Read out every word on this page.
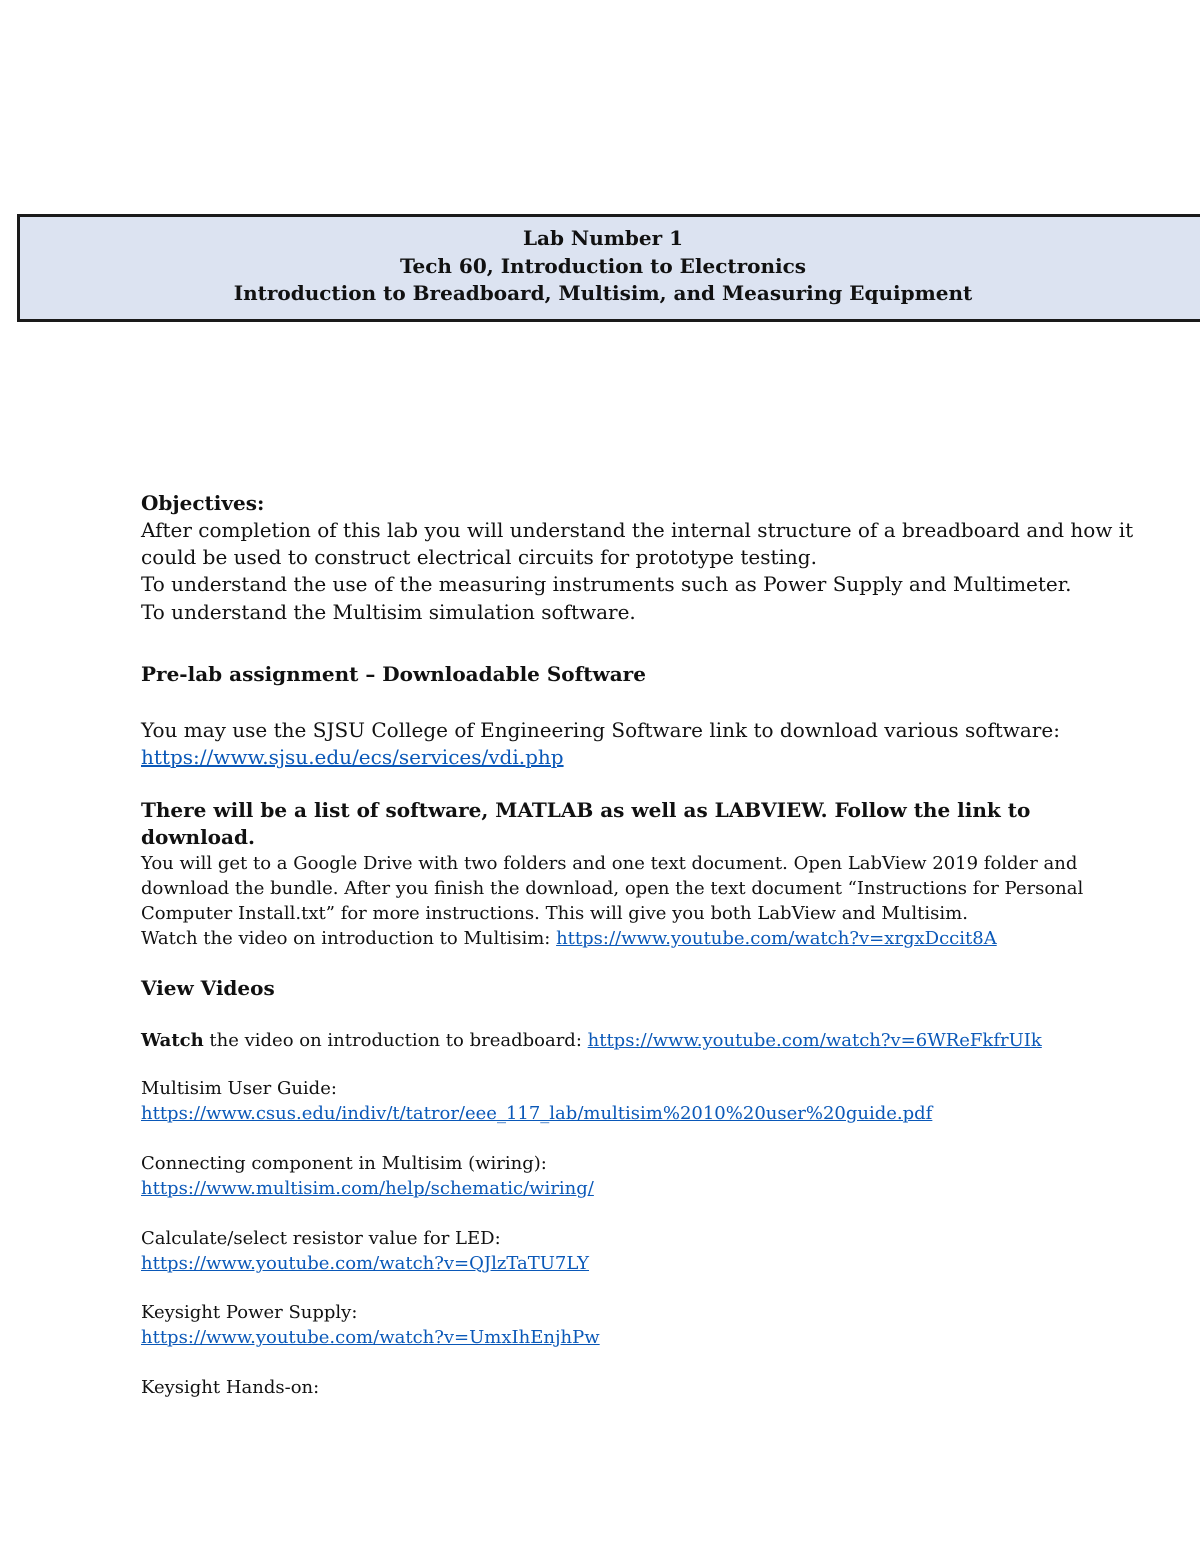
Lab Number 1
Tech 60, Introduction to Electronics
Introduction to Breadboard, Multisim, and Measuring Equipment
Objectives:
After completion of this lab you will understand the internal structure of a breadboard and how it
could be used to construct electrical circuits for prototype testing.
To understand the use of the measuring instruments such as Power Supply and Multimeter.
To understand the Multisim simulation software.
Pre-lab assignment – Downloadable Software
You may use the SJSU College of Engineering Software link to download various software:
https://www.sjsu.edu/ecs/services/vdi.php
There will be a list of software, MATLAB as well as LABVIEW. Follow the link to
download.
You will get to a Google Drive with two folders and one text document. Open LabView 2019 folder and
download the bundle. After you finish the download, open the text document “Instructions for Personal
Computer Install.txt” for more instructions. This will give you both LabView and Multisim.
Watch the video on introduction to Multisim: https://www.youtube.com/watch?v=xrgxDccit8A
View Videos
Watch the video on introduction to breadboard: https://www.youtube.com/watch?v=6WReFkfrUIk
Multisim User Guide:
https://www.csus.edu/indiv/t/tatror/eee_117_lab/multisim%2010%20user%20guide.pdf
Connecting component in Multisim (wiring):
https://www.multisim.com/help/schematic/wiring/
Calculate/select resistor value for LED:
https://www.youtube.com/watch?v=QJlzTaTU7LY
Keysight Power Supply:
https://www.youtube.com/watch?v=UmxIhEnjhPw
Keysight Hands-on:
